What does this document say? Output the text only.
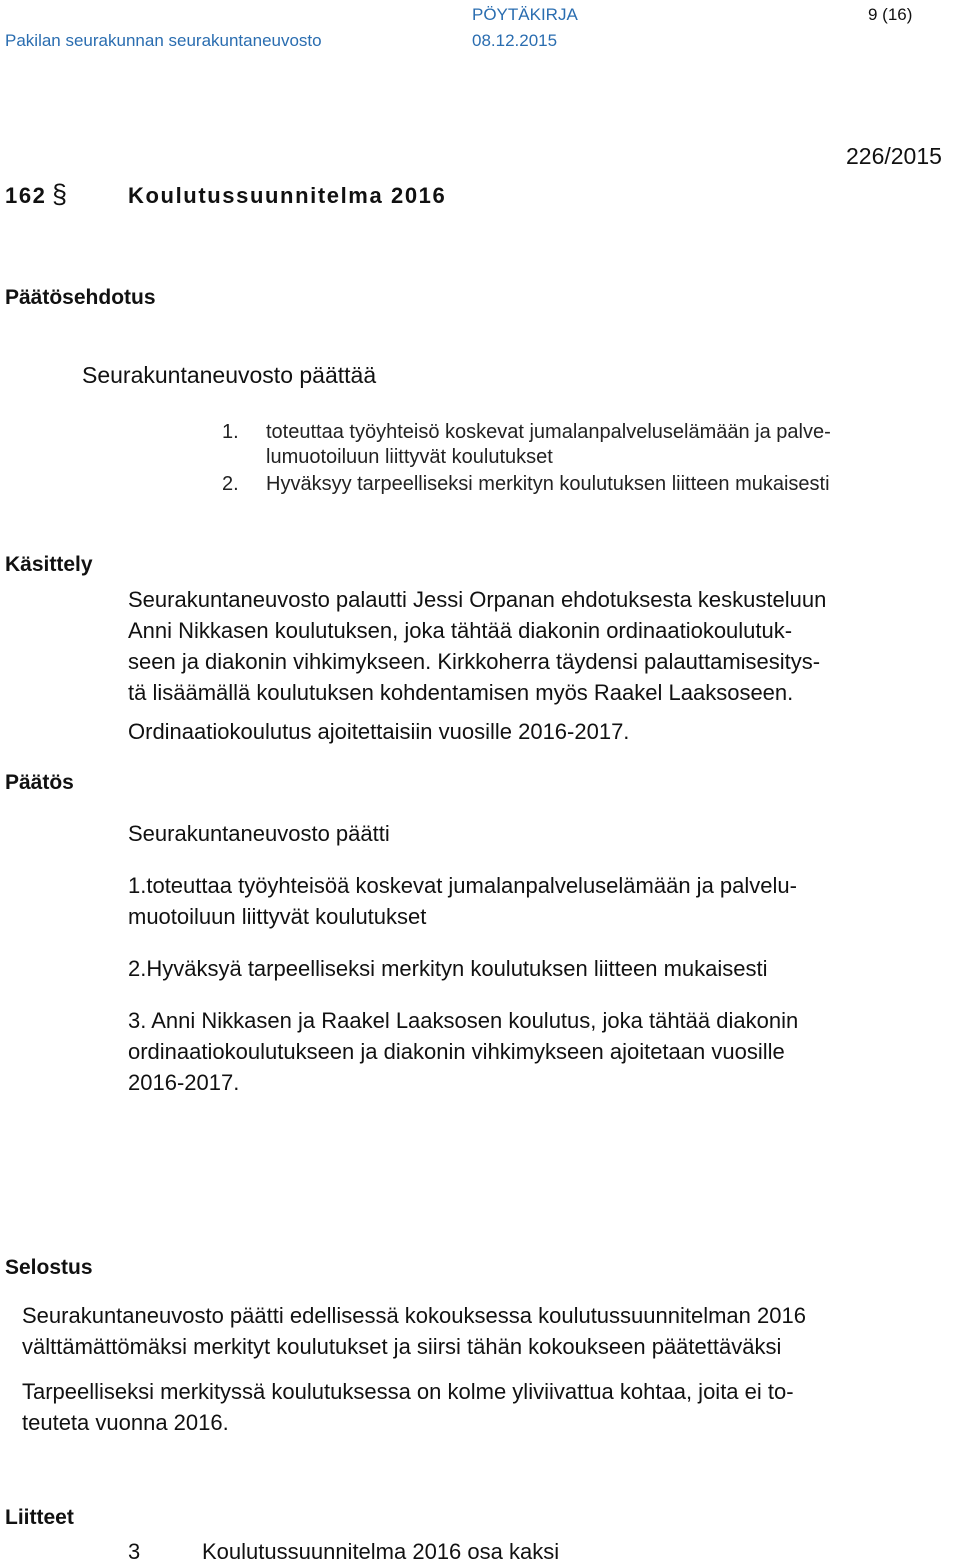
Pakilan seurakunnan seurakuntaneuvosto
PÖYTÄKIRJA
08.12.2015
9 (16)
226/2015
162 §	Koulutussuunnitelma 2016
Päätösehdotus
Seurakuntaneuvosto päättää
1. toteuttaa työyhteisö koskevat jumalanpalveluselämään ja palve-
lumuotoiluun liittyvät koulutukset
2. Hyväksyy tarpeelliseksi merkityn koulutuksen liitteen mukaisesti
Käsittely
Seurakuntaneuvosto palautti Jessi Orpanan ehdotuksesta keskusteluun
Anni Nikkasen koulutuksen, joka tähtää diakonin ordinaatiokoulutuk-
seen ja diakonin vihkimykseen. Kirkkoherra täydensi palauttamisesitys-
tä lisäämällä koulutuksen kohdentamisen myös Raakel Laaksoseen.
Ordinaatiokoulutus ajoitettaisiin vuosille 2016-2017.
Päätös
Seurakuntaneuvosto päätti
1.toteuttaa työyhteisöä koskevat jumalanpalveluselämään ja palvelu-
muotoiluun liittyvät koulutukset
2.Hyväksyä tarpeelliseksi merkityn koulutuksen liitteen mukaisesti
3. Anni Nikkasen ja Raakel Laaksosen koulutus, joka tähtää diakonin
ordinaatiokoulutukseen ja diakonin vihkimykseen ajoitetaan vuosille
2016-2017.
Selostus
Seurakuntaneuvosto päätti edellisessä kokouksessa koulutussuunnitelman 2016
välttämättömäksi merkityt koulutukset ja siirsi tähän kokoukseen päätettäväksi
Tarpeelliseksi merkityssä koulutuksessa on kolme yliviivattua kohtaa, joita ei to-
teuteta vuonna 2016.
Liitteet
3	Koulutussuunnitelma 2016 osa kaksi
